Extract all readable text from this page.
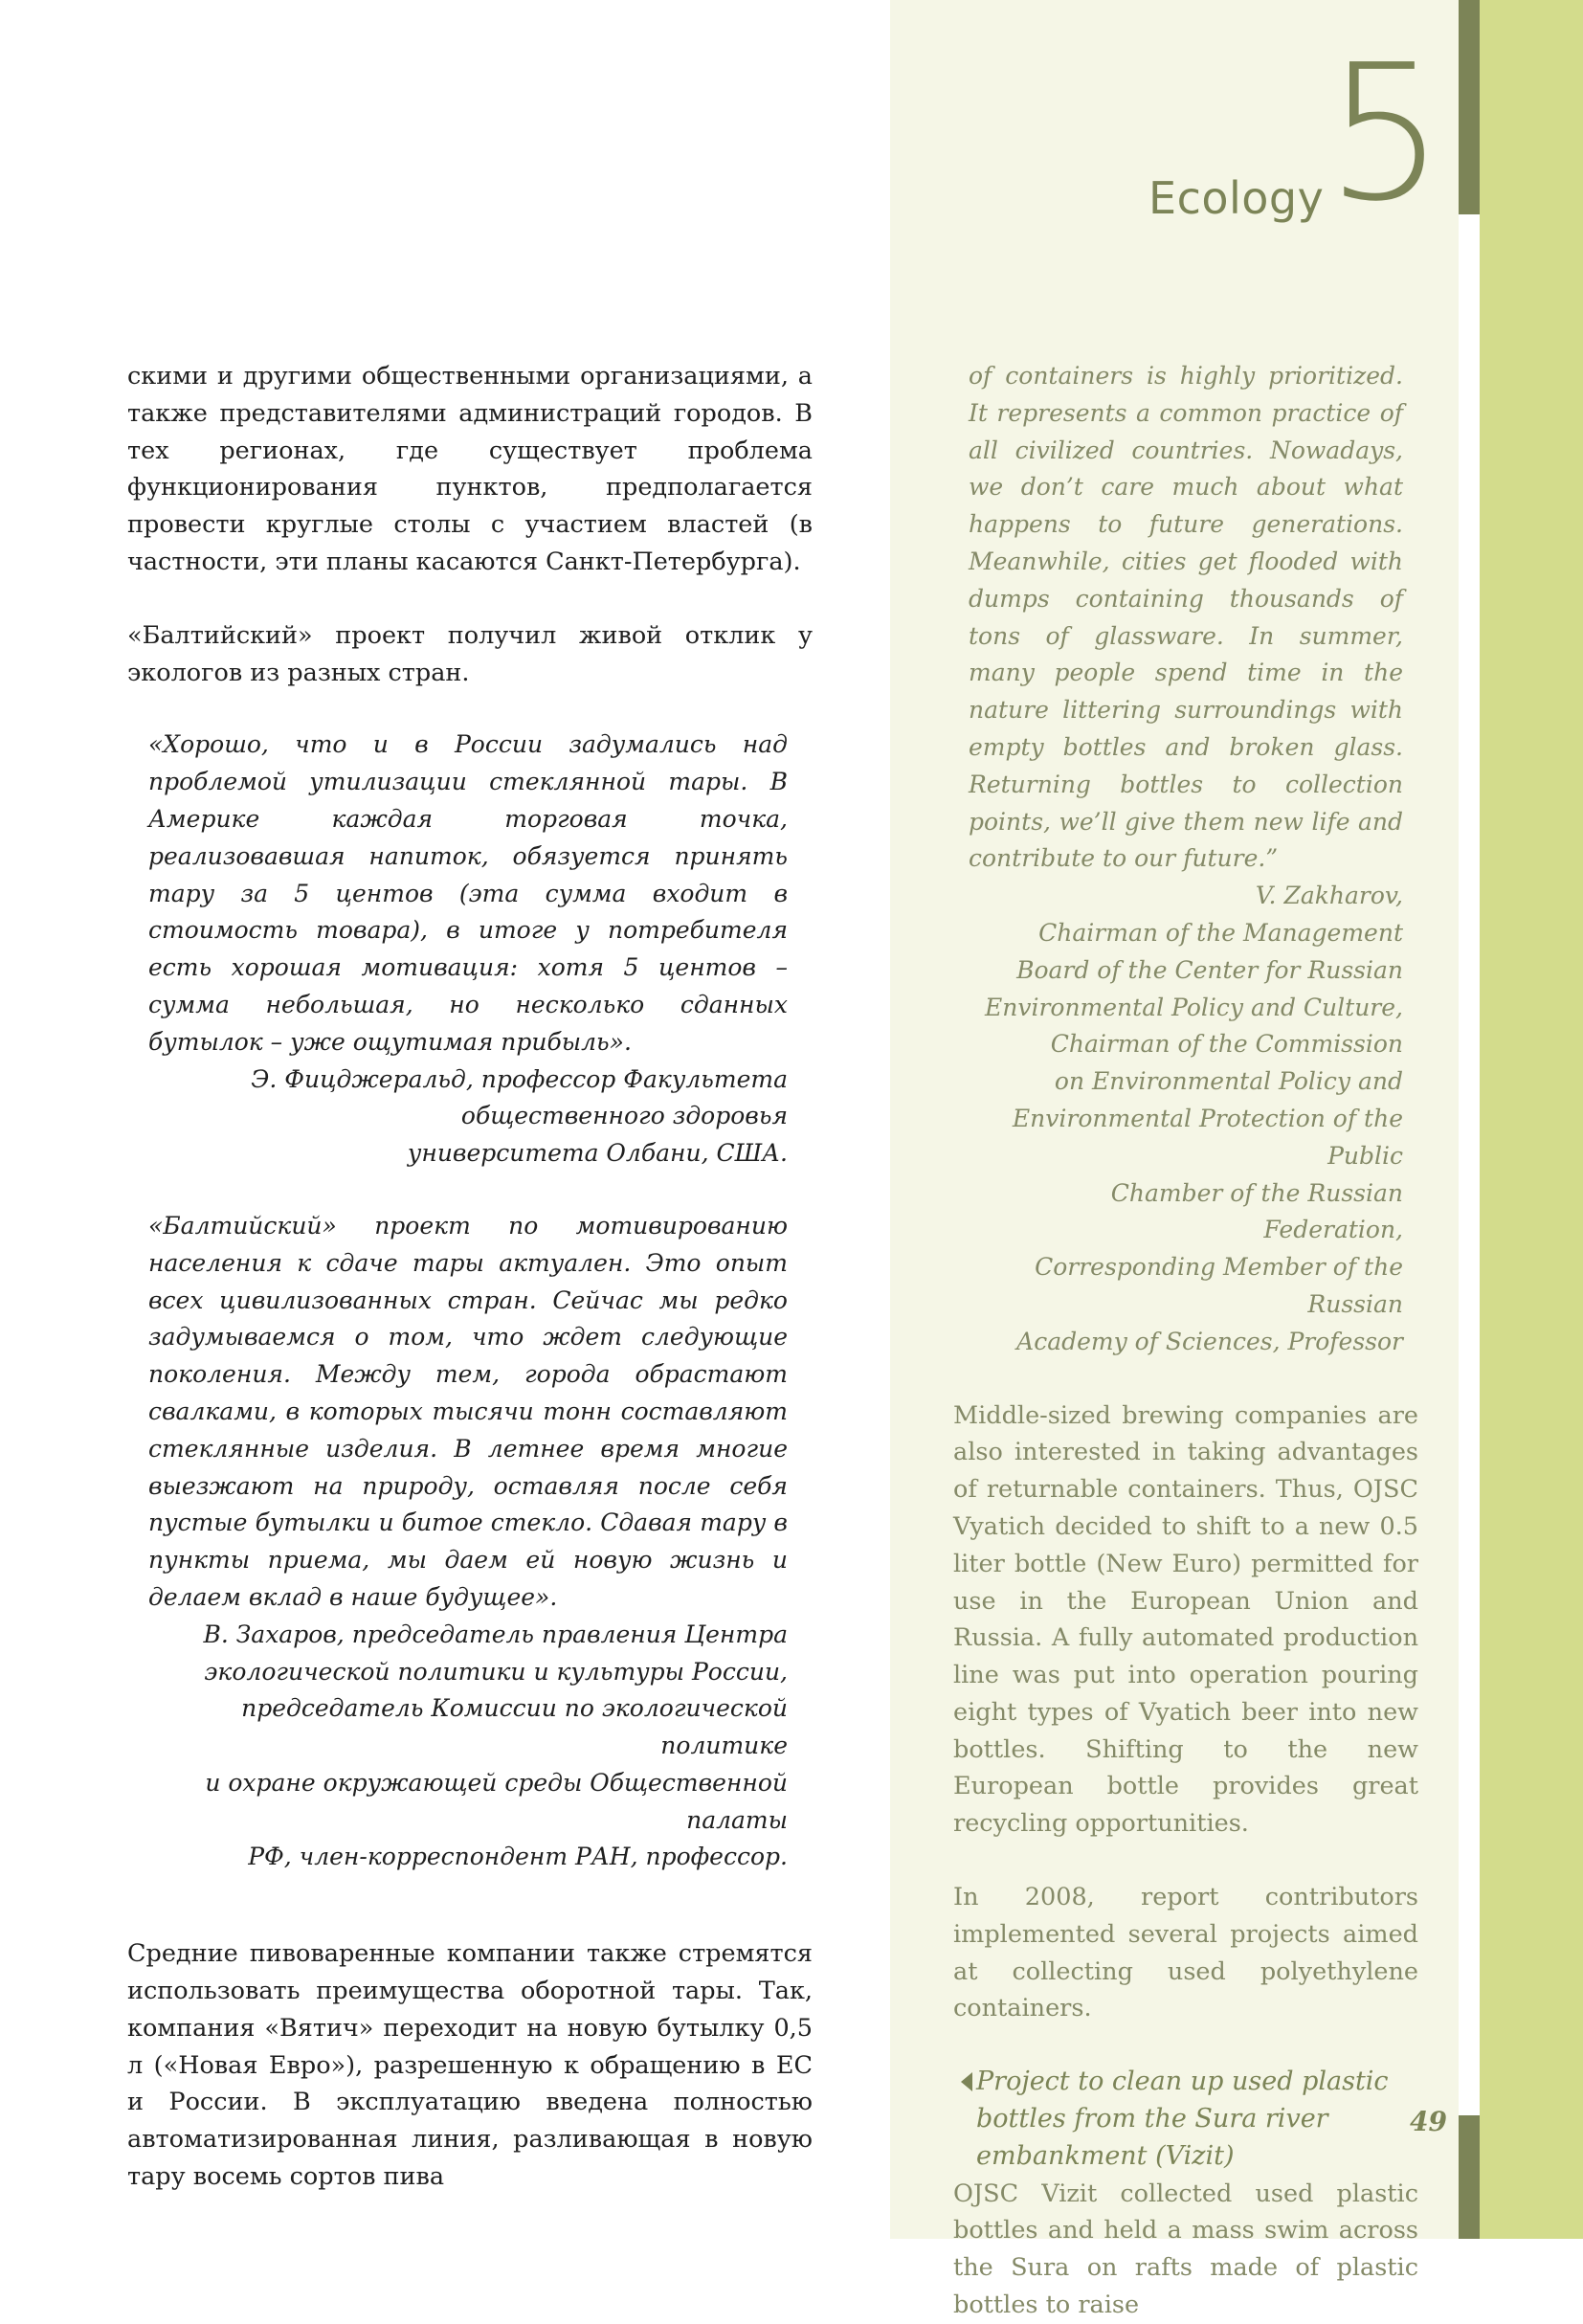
Ecology 5

скими и другими общественными организациями, а также представителями администраций городов. В тех регионах, где существует проблема функционирования пунктов, предполагается провести круглые столы с участием властей (в частности, эти планы касаются Санкт-Петербурга).

«Балтийский» проект получил живой отклик у экологов из разных стран.

«Хорошо, что и в России задумались над проблемой утилизации стеклянной тары. В Америке каждая торговая точка, реализовавшая напиток, обязуется принять тару за 5 центов (эта сумма входит в стоимость товара), в итоге у потребителя есть хорошая мотивация: хотя 5 центов – сумма небольшая, но несколько сданных бутылок – уже ощутимая прибыль».

Э. Фицджеральд, профессор Факультета
общественного здоровья
университета Олбани, США.

«Балтийский» проект по мотивированию населения к сдаче тары актуален. Это опыт всех цивилизованных стран. Сейчас мы редко задумываемся о том, что ждет следующие поколения. Между тем, города обрастают свалками, в которых тысячи тонн составляют стеклянные изделия. В летнее время многие выезжают на природу, оставляя после себя пустые бутылки и битое стекло. Сдавая тару в пункты приема, мы даем ей новую жизнь и делаем вклад в наше будущее».

В. Захаров, председатель правления Центра
экологической политики и культуры России,
председатель Комиссии по экологической политике
и охране окружающей среды Общественной палаты
РФ, член-корреспондент РАН, профессор.

Средние пивоваренные компании также стремятся использовать преимущества оборотной тары. Так, компания «Вятич» переходит на новую бутылку 0,5 л («Новая Евро»), разрешенную к обращению в ЕС и России. В эксплуатацию введена полностью автоматизированная линия, разливающая в новую тару восемь сортов пива

of containers is highly prioritized. It represents a common practice of all civilized countries. Nowadays, we don’t care much about what happens to future generations. Meanwhile, cities get flooded with dumps containing thousands of tons of glassware. In summer, many people spend time in the nature littering surroundings with empty bottles and broken glass. Returning bottles to collection points, we’ll give them new life and contribute to our future.”

V. Zakharov,
Chairman of the Management
Board of the Center for Russian
Environmental Policy and Culture,
Chairman of the Commission
on Environmental Policy and
Environmental Protection of the Public
Chamber of the Russian Federation,
Corresponding Member of the Russian
Academy of Sciences, Professor

Middle-sized brewing companies are also interested in taking advantages of returnable containers. Thus, OJSC Vyatich decided to shift to a new 0.5 liter bottle (New Euro) permitted for use in the European Union and Russia. A fully automated production line was put into operation pouring eight types of Vyatich beer into new bottles. Shifting to the new European bottle provides great recycling opportunities.

In 2008, report contributors implemented several projects aimed at collecting used polyethylene containers.

Project to clean up used plastic bottles from the Sura river embankment (Vizit)

OJSC Vizit collected used plastic bottles and held a mass swim across the Sura on rafts made of plastic bottles to raise

49
